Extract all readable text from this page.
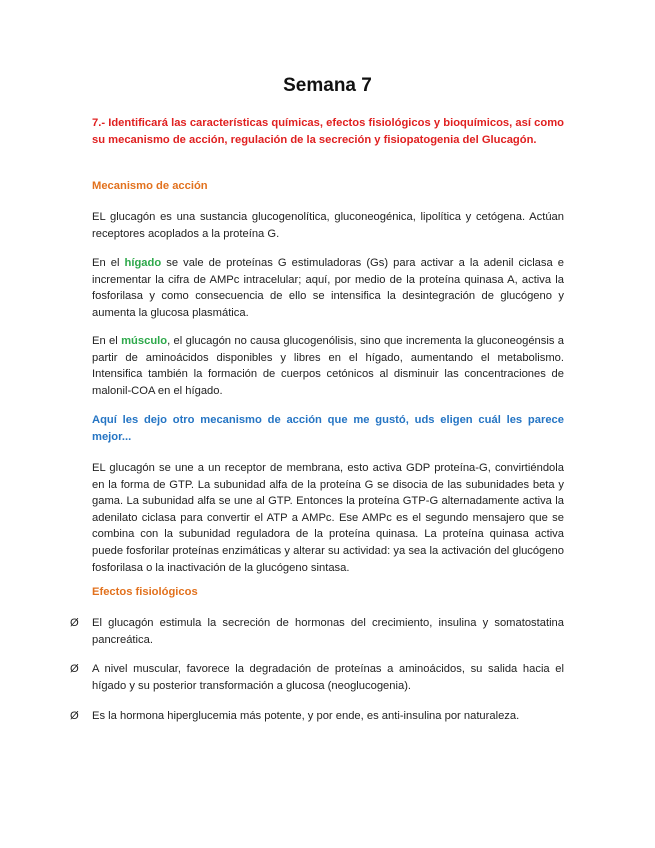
Semana 7
7.- Identificará las características químicas, efectos fisiológicos y bioquímicos, así como su mecanismo de acción, regulación de la secreción y fisiopatogenia del Glucagón.
Mecanismo de acción
EL glucagón es una sustancia glucogenolítica, gluconeogénica, lipolítica y cetógena. Actúan receptores acoplados a la proteína G.
En el hígado se vale de proteínas G estimuladoras (Gs) para activar a la adenil ciclasa e incrementar la cifra de AMPc intracelular; aquí, por medio de la proteína quinasa A, activa la fosforilasa y como consecuencia de ello se intensifica la desintegración de glucógeno y aumenta la glucosa plasmática.
En el músculo, el glucagón no causa glucogenólisis, sino que incrementa la gluconeogénsis a partir de aminoácidos disponibles y libres en el hígado, aumentando el metabolismo. Intensifica también la formación de cuerpos cetónicos al disminuir las concentraciones de malonil-COA en el hígado.
Aquí les dejo otro mecanismo de acción que me gustó, uds eligen cuál les parece mejor...
EL glucagón se une a un receptor de membrana, esto activa GDP proteína-G, convirtiéndola en la forma de GTP. La subunidad alfa de la proteína G se disocia de las subunidades beta y gama. La subunidad alfa se une al GTP. Entonces la proteína GTP-G alternadamente activa la adenilato ciclasa para convertir el ATP a AMPc. Ese AMPc es el segundo mensajero que se combina con la subunidad reguladora de la proteína quinasa. La proteína quinasa activa puede fosforilar proteínas enzimáticas y alterar su actividad: ya sea la activación del glucógeno fosforilasa o la inactivación de la glucógeno sintasa.
Efectos fisiológicos
Ø	El glucagón estimula la secreción de hormonas del crecimiento, insulina y somatostatina pancreática.
Ø	A nivel muscular, favorece la degradación de proteínas a aminoácidos, su salida hacia el hígado y su posterior transformación a glucosa (neoglucogenia).
Ø	Es la hormona hiperglucemia más potente, y por ende, es anti-insulina por naturaleza.
